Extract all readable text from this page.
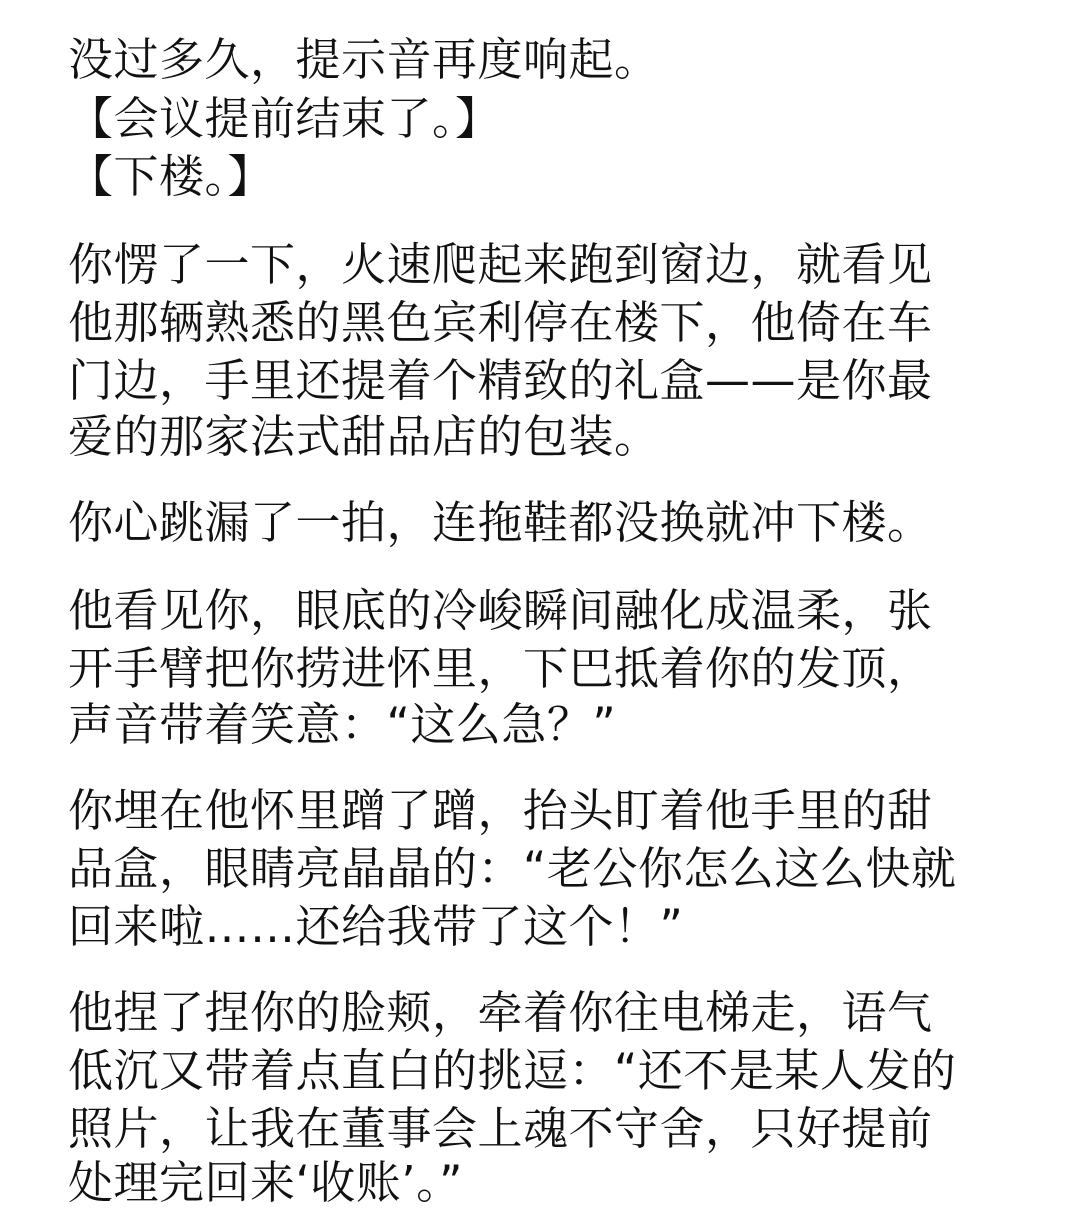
没过多久，提示音再度响起。
【会议提前结束了。】
【下楼。】
你愣了一下，火速爬起来跑到窗边，就看见
他那辆熟悉的黑色宾利停在楼下，他倚在车
门边，手里还提着个精致的礼盒——是你最
爱的那家法式甜品店的包装。
你心跳漏了一拍，连拖鞋都没换就冲下楼。
他看见你，眼底的冷峻瞬间融化成温柔，张
开手臂把你捞进怀里，下巴抵着你的发顶，
声音带着笑意：“这么急？”
你埋在他怀里蹭了蹭，抬头盯着他手里的甜
品盒，眼睛亮晶晶的：“老公你怎么这么快就
回来啦……还给我带了这个！”
他捏了捏你的脸颊，牵着你往电梯走，语气
低沉又带着点直白的挑逗：“还不是某人发的
照片，让我在董事会上魂不守舍，只好提前
处理完回来‘收账’。”
